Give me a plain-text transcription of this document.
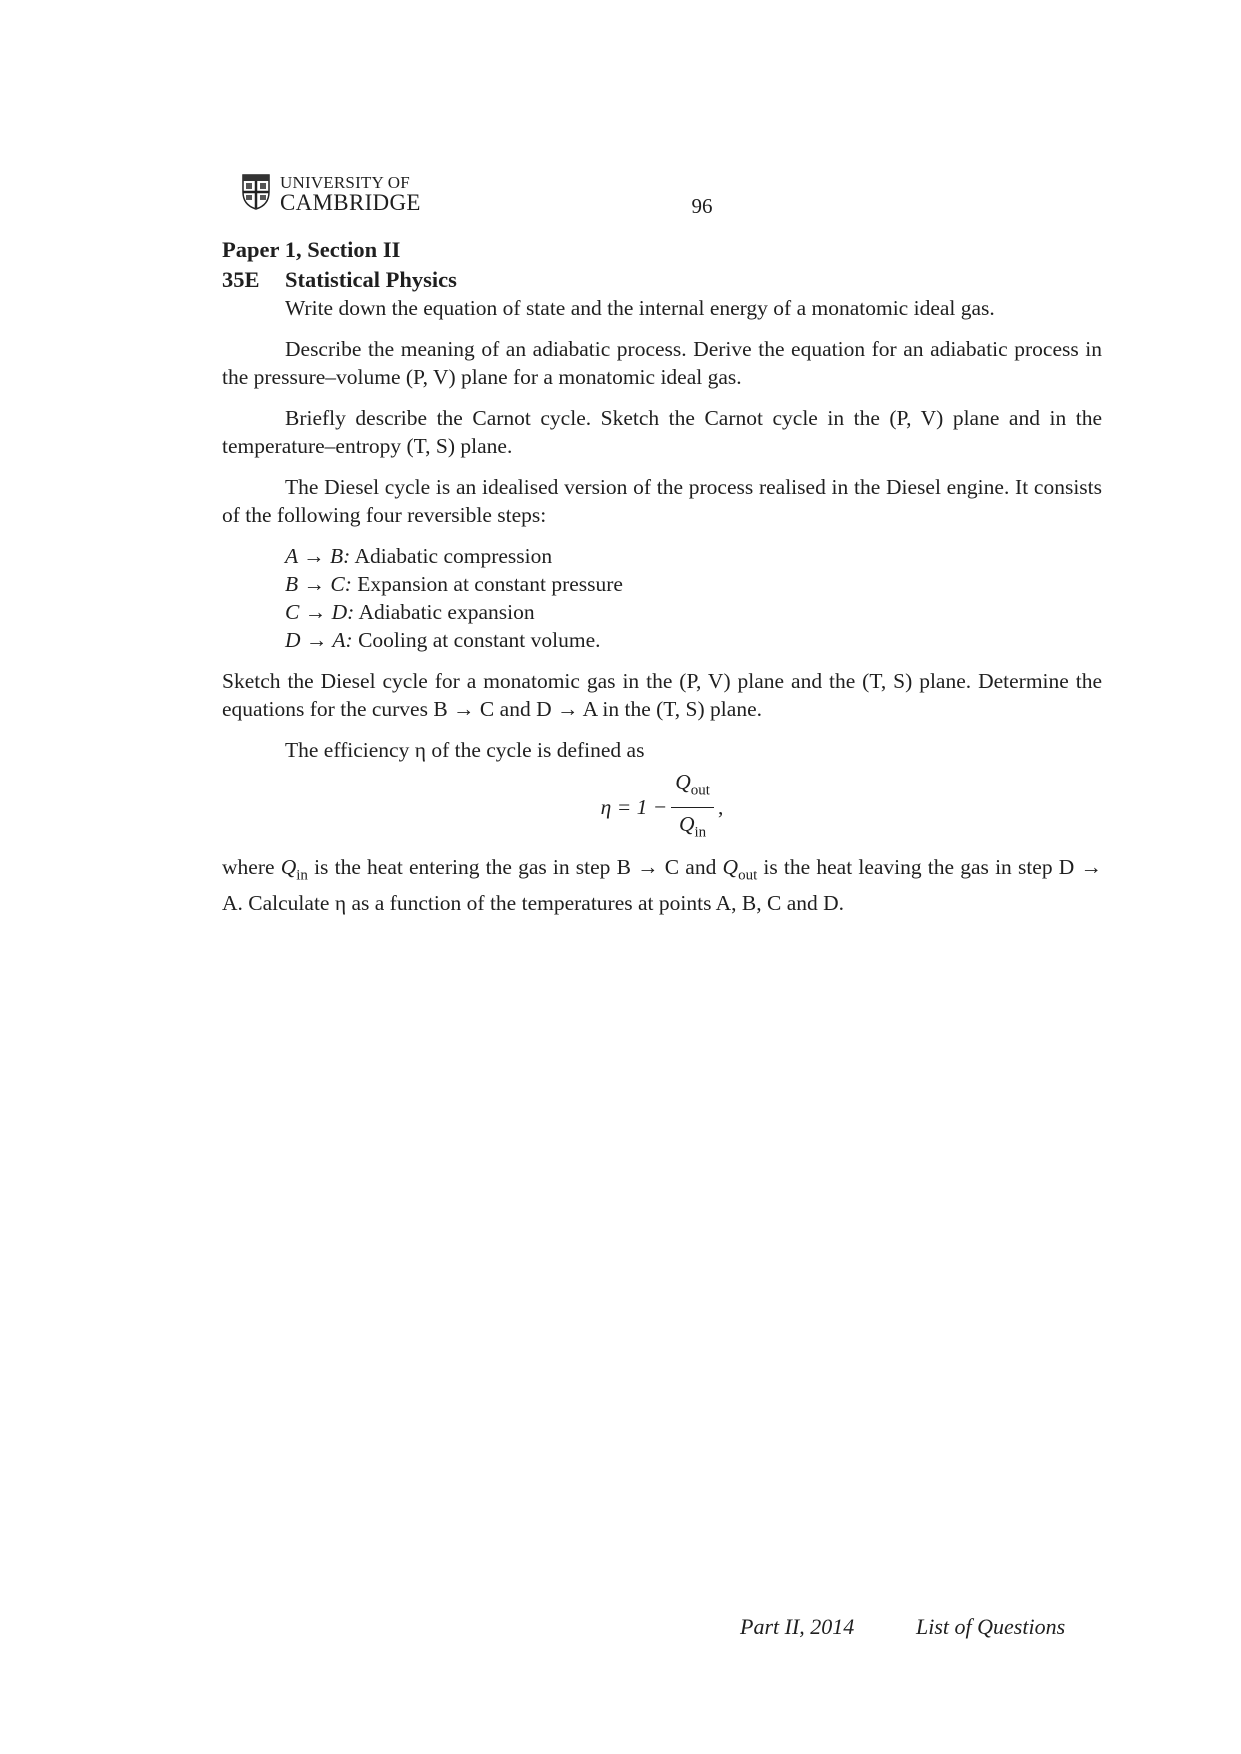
UNIVERSITY OF
CAMBRIDGE	96
Paper 1, Section II
35E Statistical Physics

Write down the equation of state and the internal energy of a monatomic ideal gas.

Describe the meaning of an adiabatic process. Derive the equation for an adiabatic process in the pressure–volume (P, V) plane for a monatomic ideal gas.

Briefly describe the Carnot cycle. Sketch the Carnot cycle in the (P, V) plane and in the temperature–entropy (T, S) plane.

The Diesel cycle is an idealised version of the process realised in the Diesel engine. It consists of the following four reversible steps:

A → B: Adiabatic compression
B → C: Expansion at constant pressure
C → D: Adiabatic expansion
D → A: Cooling at constant volume.

Sketch the Diesel cycle for a monatomic gas in the (P, V) plane and the (T, S) plane. Determine the equations for the curves B → C and D → A in the (T, S) plane.

The efficiency η of the cycle is defined as

$\eta = 1 - \frac{Q_{out}}{Q_{in}}$ ,

where $Q_{in}$ is the heat entering the gas in step B → C and $Q_{out}$ is the heat leaving the gas in step D → A. Calculate η as a function of the temperatures at points A, B, C and D.

Part II, 2014	List of Questions
